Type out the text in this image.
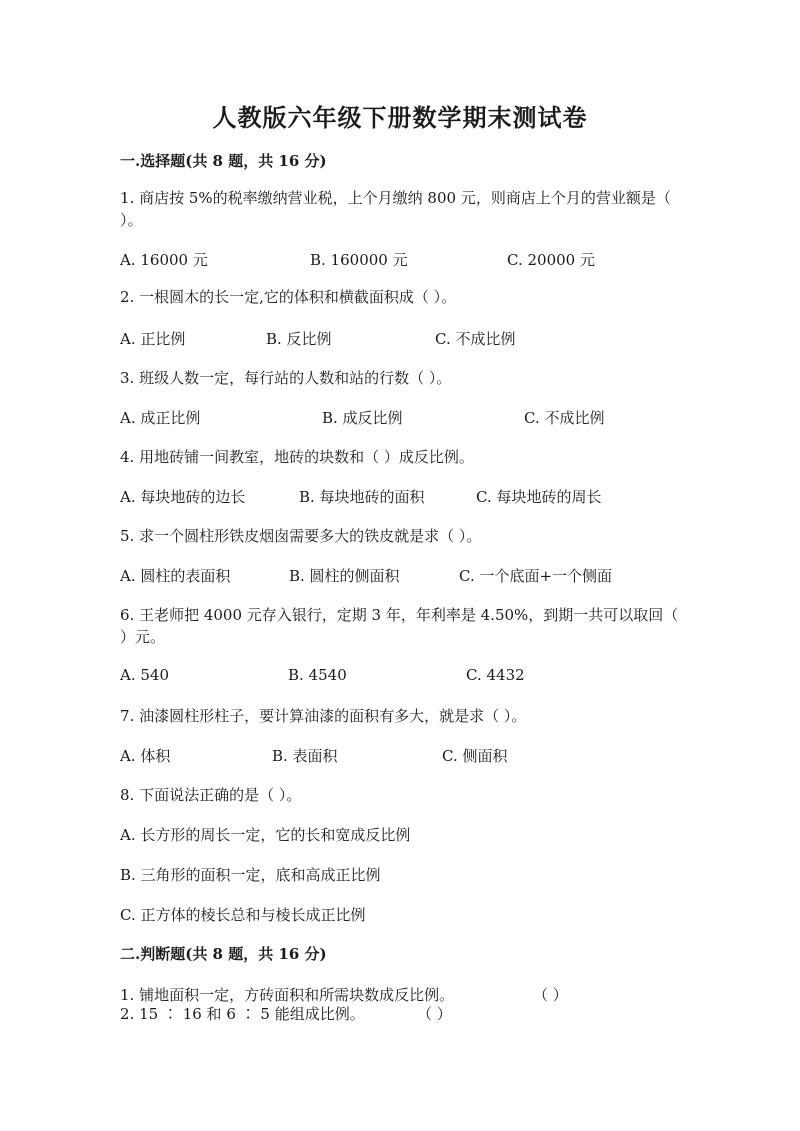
人教版六年级下册数学期末测试卷
一.选择题(共 8 题，共 16 分)
1. 商店按 5%的税率缴纳营业税，上个月缴纳 800 元，则商店上个月的营业额是（ ）。
A. 16000 元	B. 160000 元	C. 20000 元
2. 一根圆木的长一定,它的体积和横截面积成（ ）。
A. 正比例	B. 反比例	C. 不成比例
3. 班级人数一定，每行站的人数和站的行数（ ）。
A. 成正比例	B. 成反比例	C. 不成比例
4. 用地砖铺一间教室，地砖的块数和（ ）成反比例。
A. 每块地砖的边长	B. 每块地砖的面积	C. 每块地砖的周长
5. 求一个圆柱形铁皮烟囱需要多大的铁皮就是求（ ）。
A. 圆柱的表面积	B. 圆柱的侧面积	C. 一个底面+一个侧面
6. 王老师把 4000 元存入银行，定期 3 年，年利率是 4.50%，到期一共可以取回（ ）元。
A. 540	B. 4540	C. 4432
7. 油漆圆柱形柱子，要计算油漆的面积有多大，就是求（ ）。
A. 体积	B. 表面积	C. 侧面积
8. 下面说法正确的是（ ）。
A. 长方形的周长一定，它的长和宽成反比例
B. 三角形的面积一定，底和高成正比例
C. 正方体的棱长总和与棱长成正比例
二.判断题(共 8 题，共 16 分)
1. 铺地面积一定，方砖面积和所需块数成反比例。	（ ）
2. 15 ∶ 16 和 6 ∶ 5 能组成比例。	（ ）
